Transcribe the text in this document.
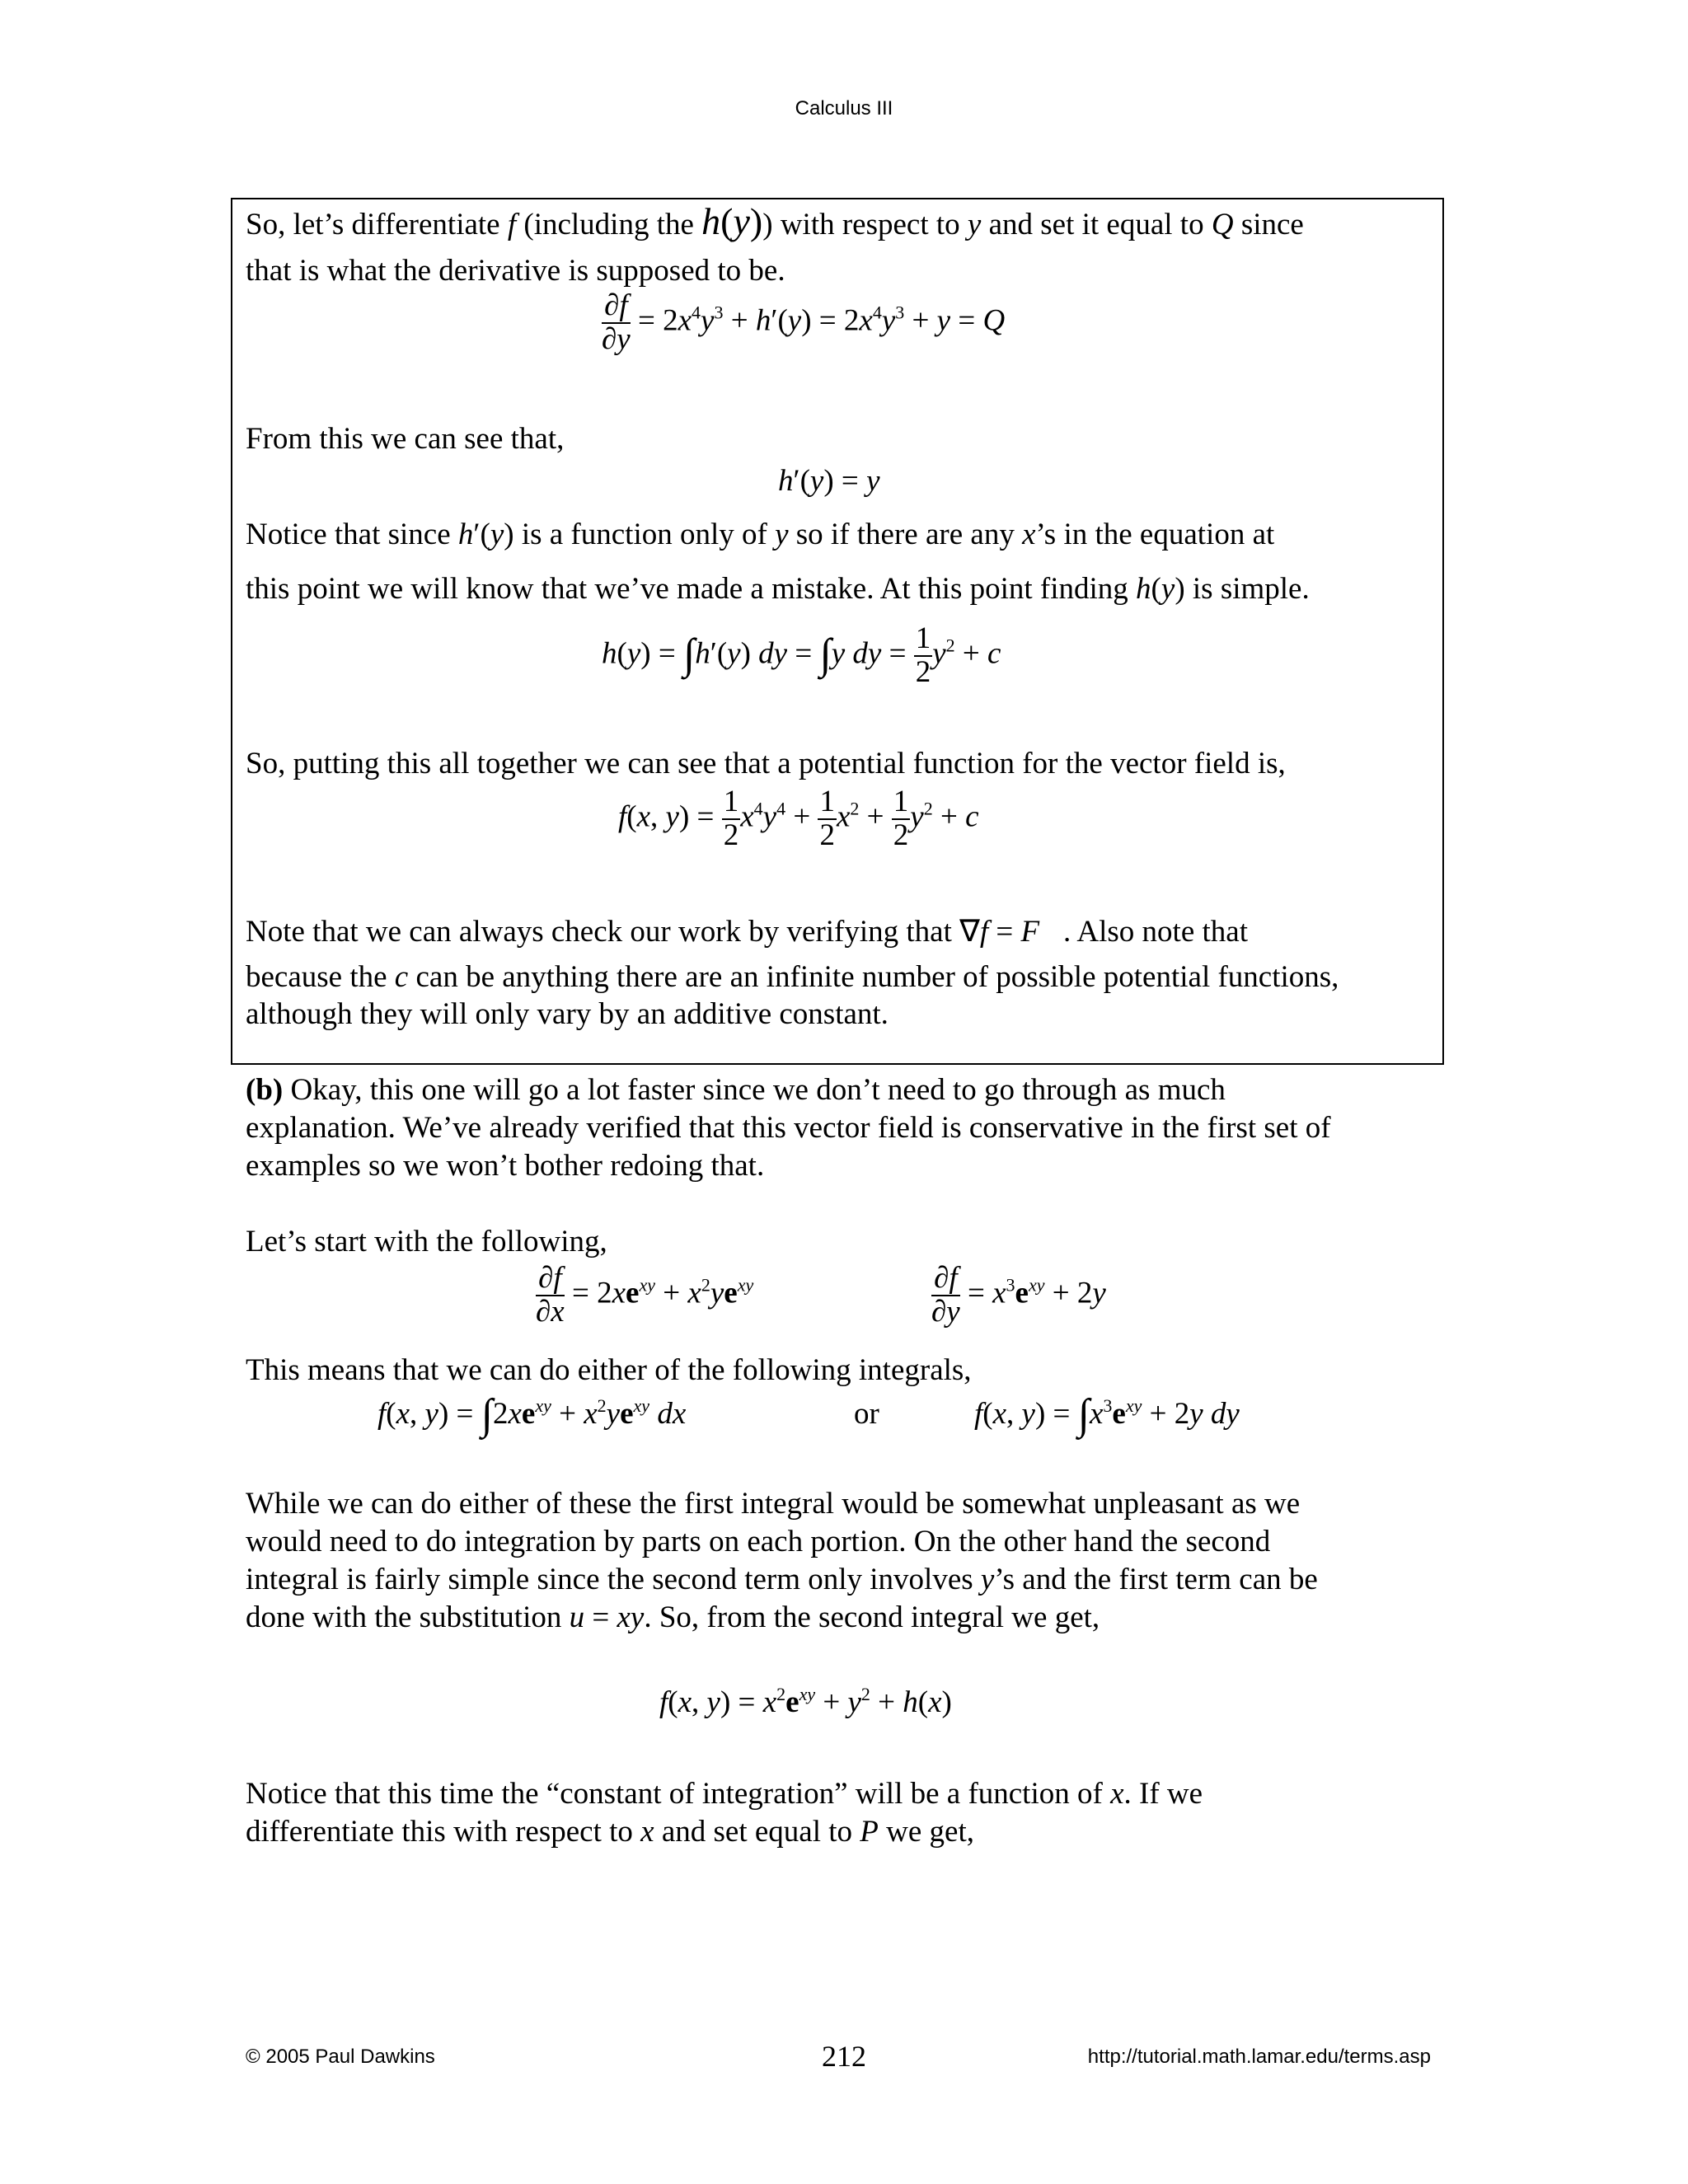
Calculus III
So, let’s differentiate f (including the h(y)) with respect to y and set it equal to Q since
that is what the derivative is supposed to be.
$\frac{\partial f}{\partial y} = 2x^4y^3 + h'(y) = 2x^4y^3 + y = Q$
From this we can see that,
h′(y) = y
Notice that since h′(y) is a function only of y so if there are any x’s in the equation at
this point we will know that we’ve made a mistake. At this point finding h(y) is simple.
h(y) = ∫h′(y) dy = ∫y dy = $\frac{1}{2} y^2 + c$
So, putting this all together we can see that a potential function for the vector field is,
f(x, $y) = \frac{1}{2} x^4y^4 + \frac{1}{2} x^2 + \frac{1}{2} y^2 + c$
Note that we can always check our work by verifying that ∇f = F⃗. Also note that
because the c can be anything there are an infinite number of possible potential functions,
although they will only vary by an additive constant.
(b) Okay, this one will go a lot faster since we don’t need to go through as much
explanation. We’ve already verified that this vector field is conservative in the first set of
examples so we won’t bother redoing that.
Let’s start with the following,
$\frac{\partial f}{\partial x} = 2xe^{xy} + x^2ye^{xy}$	$\frac{\partial f}{\partial y} = x^3e^{xy} + 2y$
This means that we can do either of the following integrals,
f(x, $y) = \int 2xe^{xy} + x^2ye^{xy}$ dx	or	f(x, $y) = \int x^3e^{xy} + 2y$ dy
While we can do either of these the first integral would be somewhat unpleasant as we
would need to do integration by parts on each portion. On the other hand the second
integral is fairly simple since the second term only involves y’s and the first term can be
done with the substitution u = xy. So, from the second integral we get,
f(x, $y) = x^2e^{xy} + y^2 + h(x)$
Notice that this time the “constant of integration” will be a function of x. If we
differentiate this with respect to x and set equal to P we get,
© 2005 Paul Dawkins	212	http://tutorial.math.lamar.edu/terms.asp
